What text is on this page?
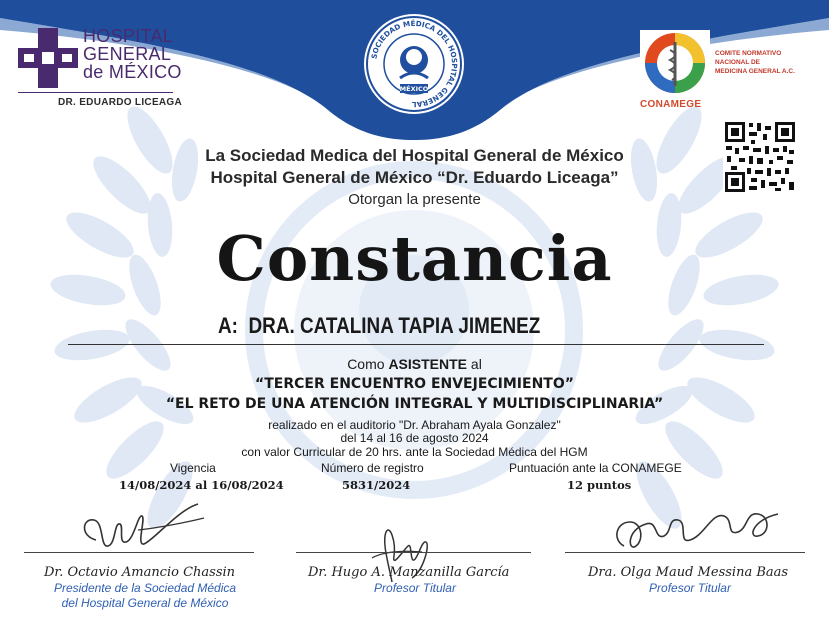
HOSPITAL
GENERAL
de MÉXICO
DR. EDUARDO LICEAGA
SOCIEDAD MÉDICA DEL HOSPITAL GENERAL
MÉXICO
COMITE NORMATIVO
NACIONAL DE
MEDICINA GENERAL A.C.
CONAMEGE
La Sociedad Medica del Hospital General de México
Hospital General de México “Dr. Eduardo Liceaga”
Otorgan la presente
Constancia
A: DRA. CATALINA TAPIA JIMENEZ
Como ASISTENTE al
“TERCER ENCUENTRO ENVEJECIMIENTO”
“EL RETO DE UNA ATENCIÓN INTEGRAL Y MULTIDISCIPLINARIA”
realizado en el auditorio "Dr. Abraham Ayala Gonzalez"
del 14 al 16 de agosto 2024
con valor Curricular de 20 hrs. ante la Sociedad Médica del HGM
Vigencia
14/08/2024 al 16/08/2024
Número de registro
5831/2024
Puntuación ante la CONAMEGE
12 puntos
Dr. Octavio Amancio Chassin
Presidente de la Sociedad Médica
del Hospital General de México
Dr. Hugo A. Manzanilla García
Profesor Titular
Dra. Olga Maud Messina Baas
Profesor Titular
